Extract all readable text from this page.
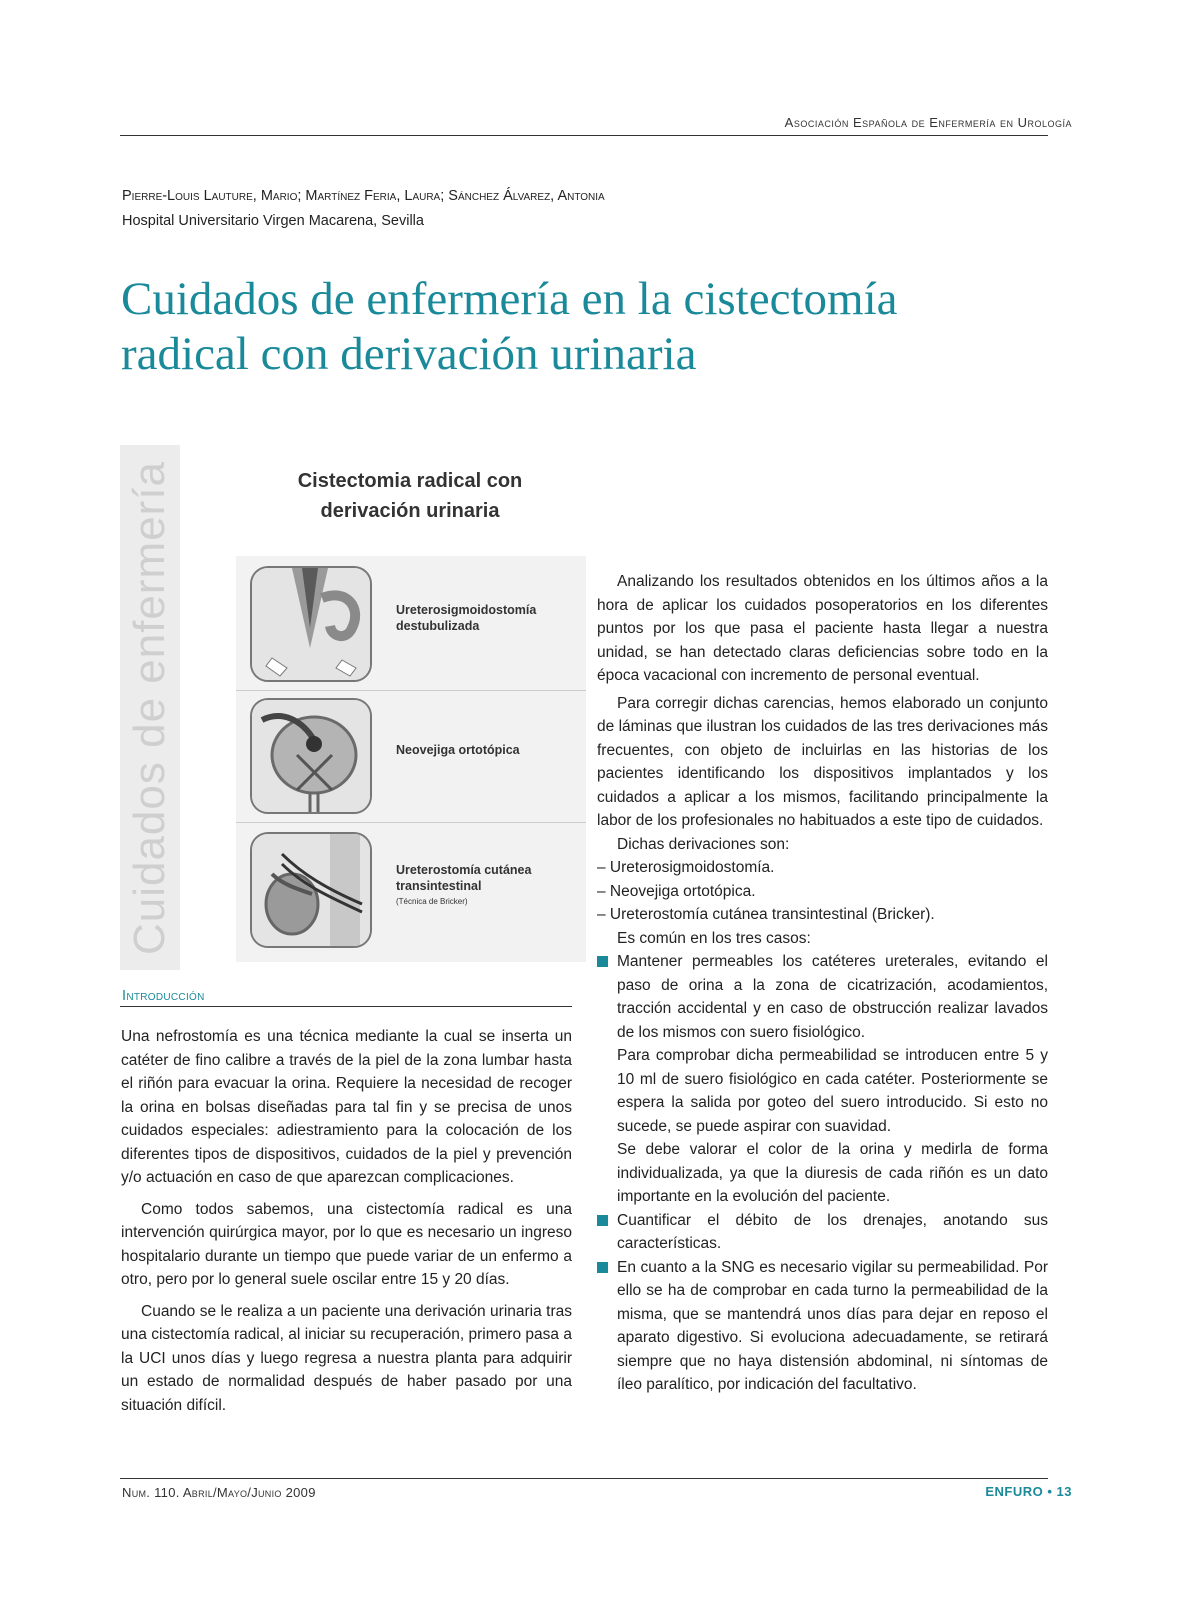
Asociación Española de Enfermería en Urología
Pierre-Louis Lauture, Mario; Martínez Feria, Laura; Sánchez Álvarez, Antonia
Hospital Universitario Virgen Macarena, Sevilla
Cuidados de enfermería en la cistectomía
radical con derivación urinaria
Cuidados de enfermería	Cistectomia radical con
derivación urinaria
Ureterosigmoidostomía
destubulizada
Neovejiga ortotópica
Ureterostomía cutánea
transintestinal
(Técnica de Bricker)
Introducción

Una nefrostomía es una técnica mediante la cual se inserta un catéter de fino calibre a través de la piel de la zona lumbar hasta el riñón para evacuar la orina. Requiere la necesidad de recoger la orina en bolsas diseñadas para tal fin y se precisa de unos cuidados especiales: adiestramiento para la colocación de los diferentes tipos de dispositivos, cuidados de la piel y prevención y/o actuación en caso de que aparezcan complicaciones.

Como todos sabemos, una cistectomía radical es una intervención quirúrgica mayor, por lo que es necesario un ingreso hospitalario durante un tiempo que puede variar de un enfermo a otro, pero por lo general suele oscilar entre 15 y 20 días.

Cuando se le realiza a un paciente una derivación urinaria tras una cistectomía radical, al iniciar su recuperación, primero pasa a la UCI unos días y luego regresa a nuestra planta para adquirir un estado de normalidad después de haber pasado por una situación difícil.

Analizando los resultados obtenidos en los últimos años a la hora de aplicar los cuidados posoperatorios en los diferentes puntos por los que pasa el paciente hasta llegar a nuestra unidad, se han detectado claras deficiencias sobre todo en la época vacacional con incremento de personal eventual.

Para corregir dichas carencias, hemos elaborado un conjunto de láminas que ilustran los cuidados de las tres derivaciones más frecuentes, con objeto de incluirlas en las historias de los pacientes identificando los dispositivos implantados y los cuidados a aplicar a los mismos, facilitando principalmente la labor de los profesionales no habituados a este tipo de cuidados.

Dichas derivaciones son:

– Ureterosigmoidostomía.

– Neovejiga ortotópica.

– Ureterostomía cutánea transintestinal (Bricker).

Es común en los tres casos:

Mantener permeables los catéteres ureterales, evitando el paso de orina a la zona de cicatrización, acodamientos, tracción accidental y en caso de obstrucción realizar lavados de los mismos con suero fisiológico.

Para comprobar dicha permeabilidad se introducen entre 5 y 10 ml de suero fisiológico en cada catéter. Posteriormente se espera la salida por goteo del suero introducido. Si esto no sucede, se puede aspirar con suavidad.

Se debe valorar el color de la orina y medirla de forma individualizada, ya que la diuresis de cada riñón es un dato importante en la evolución del paciente.

Cuantificar el débito de los drenajes, anotando sus características.

En cuanto a la SNG es necesario vigilar su permeabilidad. Por ello se ha de comprobar en cada turno la permeabilidad de la misma, que se mantendrá unos días para dejar en reposo el aparato digestivo. Si evoluciona adecuadamente, se retirará siempre que no haya distensión abdominal, ni síntomas de íleo paralítico, por indicación del facultativo.

Num. 110. Abril/Mayo/Junio 2009	ENFURO • 13
